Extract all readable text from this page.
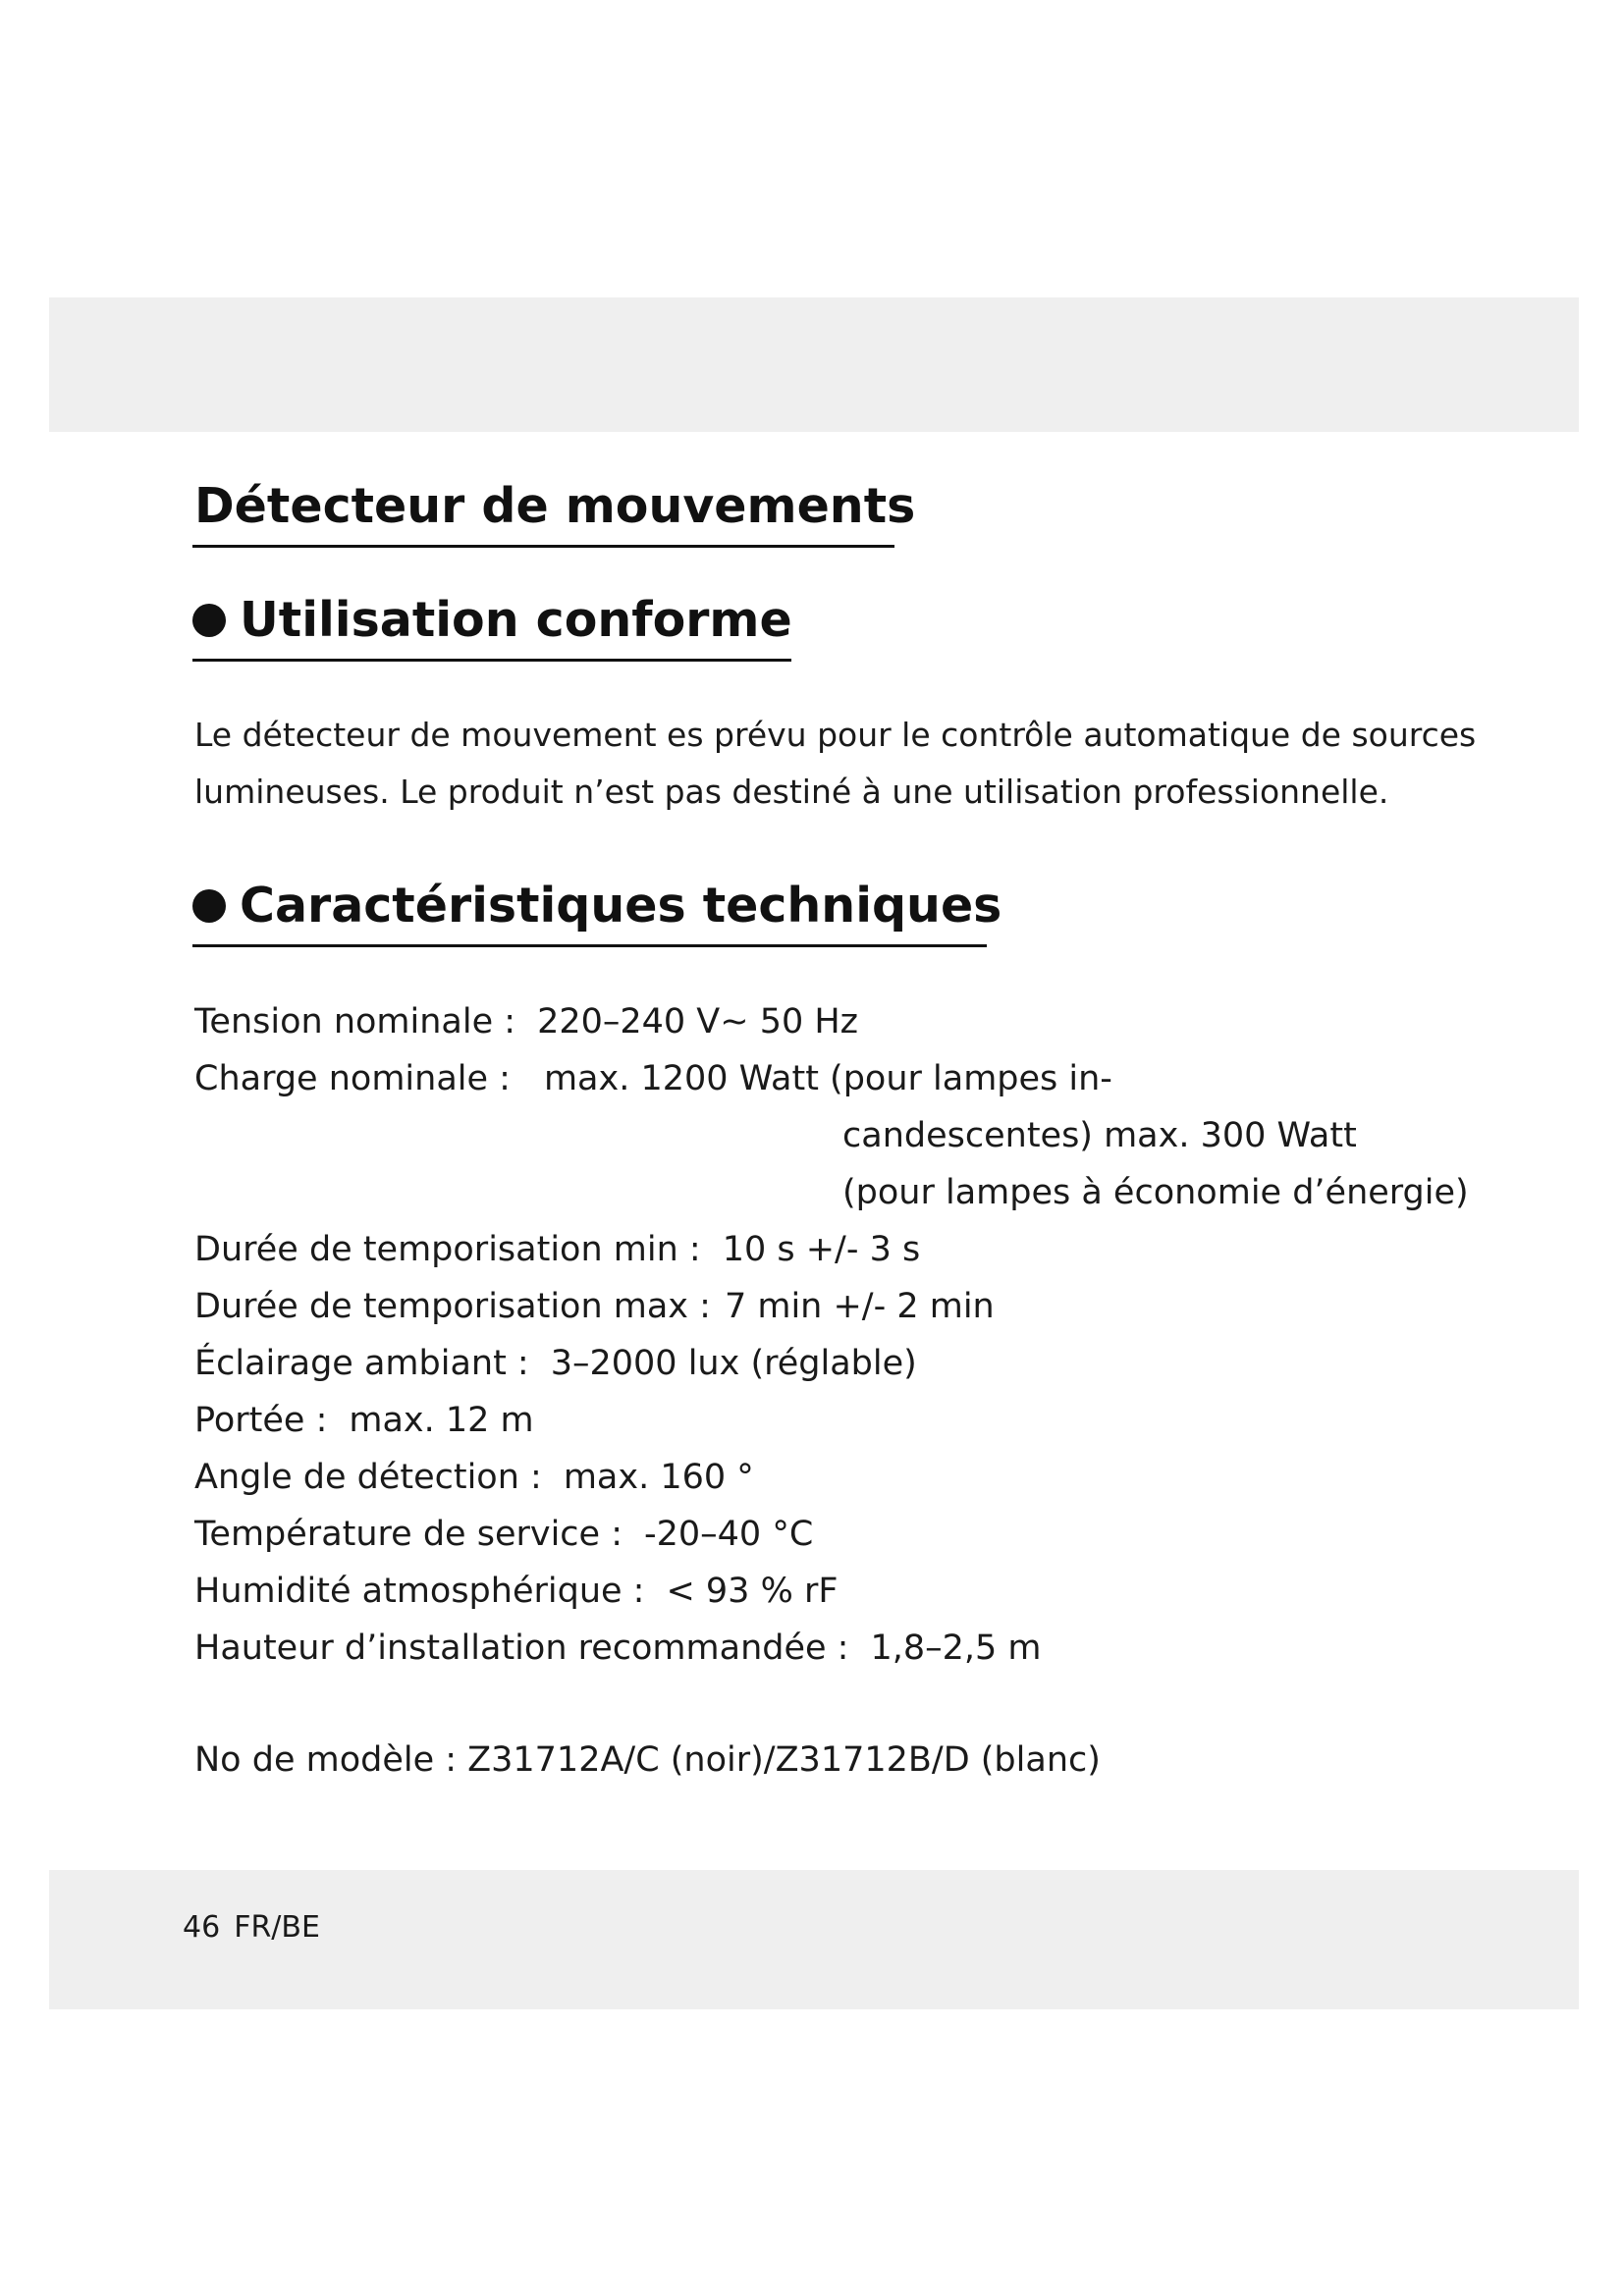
Détecteur de mouvements
Utilisation conforme

Le détecteur de mouvement es prévu pour le contrôle automatique de sources
lumineuses. Le produit n’est pas destiné à une utilisation professionnelle.

Caractéristiques techniques
Tension nominale : 220–240 V~ 50 Hz
Charge nominale : max. 1200 Watt (pour lampes in-
candescentes) max. 300 Watt
(pour lampes à économie d’énergie)
Durée de temporisation min : 10 s +/- 3 s
Durée de temporisation max : 7 min +/- 2 min
Éclairage ambiant : 3–2000 lux (réglable)
Portée : max. 12 m
Angle de détection : max. 160 °
Température de service : -20–40 °C
Humidité atmosphérique : < 93 % rF
Hauteur d’installation recommandée : 1,8–2,5 m

No de modèle : Z31712A/C (noir)/Z31712B/D (blanc)

46 FR/BE
